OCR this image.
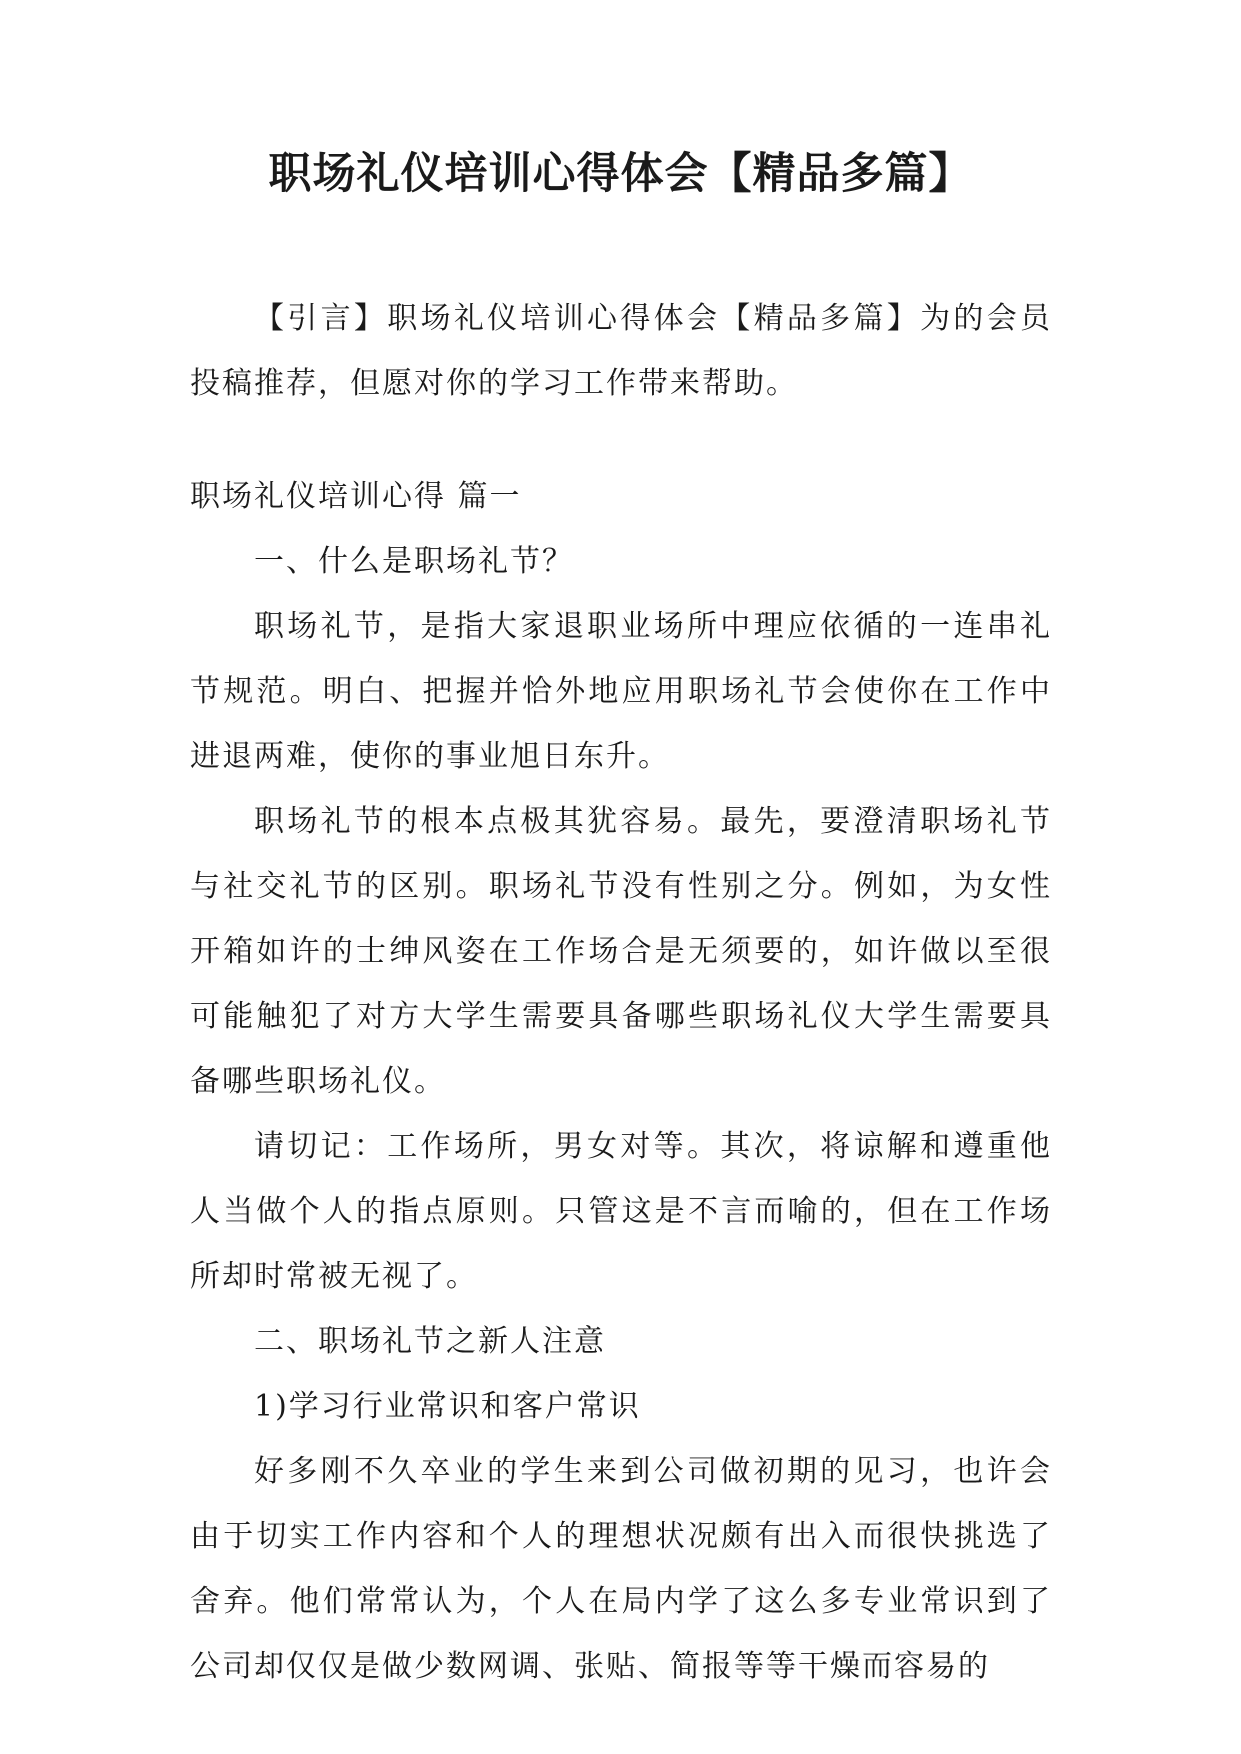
职场礼仪培训心得体会【精品多篇】

【引言】职场礼仪培训心得体会【精品多篇】为的会员投稿推荐，但愿对你的学习工作带来帮助。

职场礼仪培训心得 篇一

一、什么是职场礼节？

职场礼节，是指大家退职业场所中理应依循的一连串礼节规范。明白、把握并恰外地应用职场礼节会使你在工作中进退两难，使你的事业旭日东升。

职场礼节的根本点极其犹容易。最先，要澄清职场礼节与社交礼节的区别。职场礼节没有性别之分。例如，为女性开箱如许的士绅风姿在工作场合是无须要的，如许做以至很可能触犯了对方大学生需要具备哪些职场礼仪大学生需要具备哪些职场礼仪。

请切记：工作场所，男女对等。其次，将谅解和遵重他人当做个人的指点原则。只管这是不言而喻的，但在工作场所却时常被无视了。

二、职场礼节之新人注意

1)学习行业常识和客户常识

好多刚不久卒业的学生来到公司做初期的见习，也许会由于切实工作内容和个人的理想状况颇有出入而很快挑选了舍弃。他们常常认为，个人在局内学了这么多专业常识到了公司却仅仅是做少数网调、张贴、简报等等干燥而容易的
